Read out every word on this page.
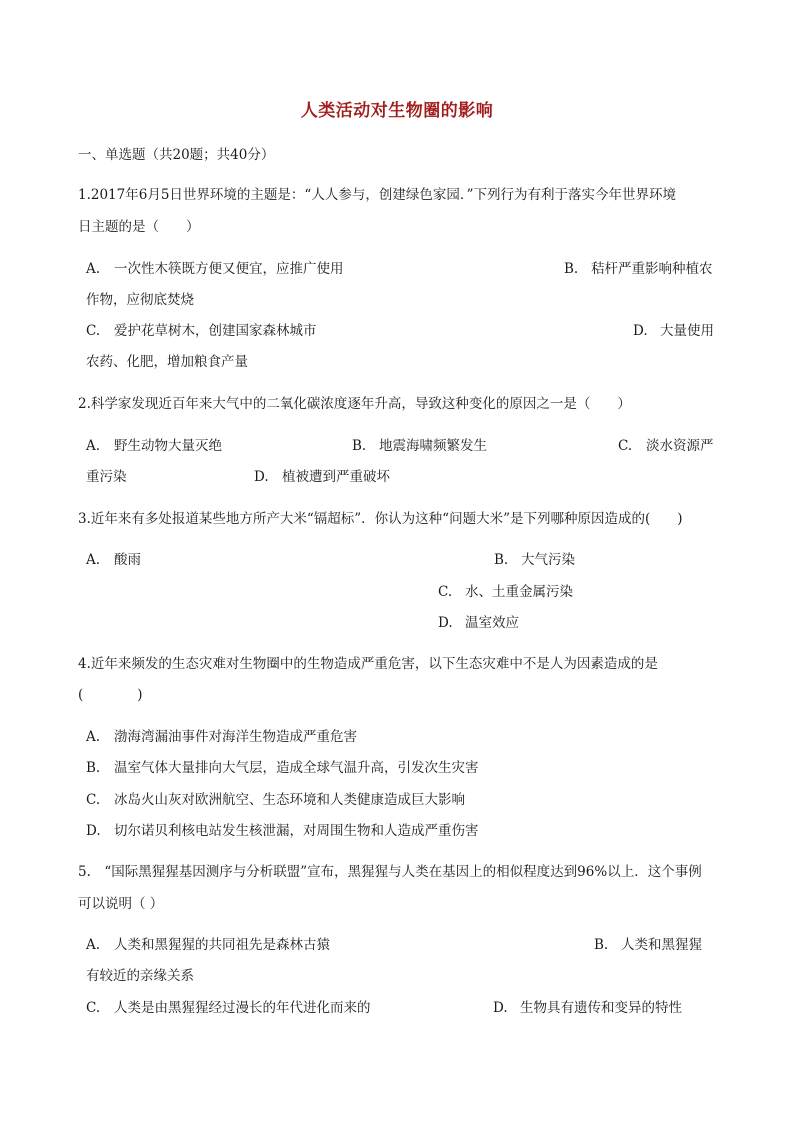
人类活动对生物圈的影响
一、单选题（共20题；共40分）
1.2017年6月5日世界环境的主题是：“人人参与，创建绿色家园．”下列行为有利于落实今年世界环境
日主题的是（　　）
A. 一次性木筷既方便又便宜，应推广使用	B. 秸杆严重影响种植农
作物，应彻底焚烧
C. 爱护花草树木，创建国家森林城市	D. 大量使用
农药、化肥，增加粮食产量
2.科学家发现近百年来大气中的二氧化碳浓度逐年升高，导致这种变化的原因之一是（　　）
A. 野生动物大量灭绝	B. 地震海啸频繁发生	C. 淡水资源严
重污染	D. 植被遭到严重破坏
3.近年来有多处报道某些地方所产大米“镉超标”．你认为这种“问题大米”是下列哪种原因造成的(　　)
A. 酸雨	B. 大气污染
C. 水、土重金属污染
D. 温室效应
4.近年来频发的生态灾难对生物圈中的生物造成严重危害，以下生态灾难中不是人为因素造成的是
(　　　　)
A. 渤海湾漏油事件对海洋生物造成严重危害
B. 温室气体大量排向大气层，造成全球气温升高，引发次生灾害
C. 冰岛火山灰对欧洲航空、生态环境和人类健康造成巨大影响
D. 切尔诺贝利核电站发生核泄漏，对周围生物和人造成严重伤害
5.　“国际黑猩猩基因测序与分析联盟”宣布，黑猩猩与人类在基因上的相似程度达到96%以上．这个事例
可以说明（ ）
A. 人类和黑猩猩的共同祖先是森林古猿	B. 人类和黑猩猩
有较近的亲缘关系
C. 人类是由黑猩猩经过漫长的年代进化而来的	D. 生物具有遗传和变异的特性
